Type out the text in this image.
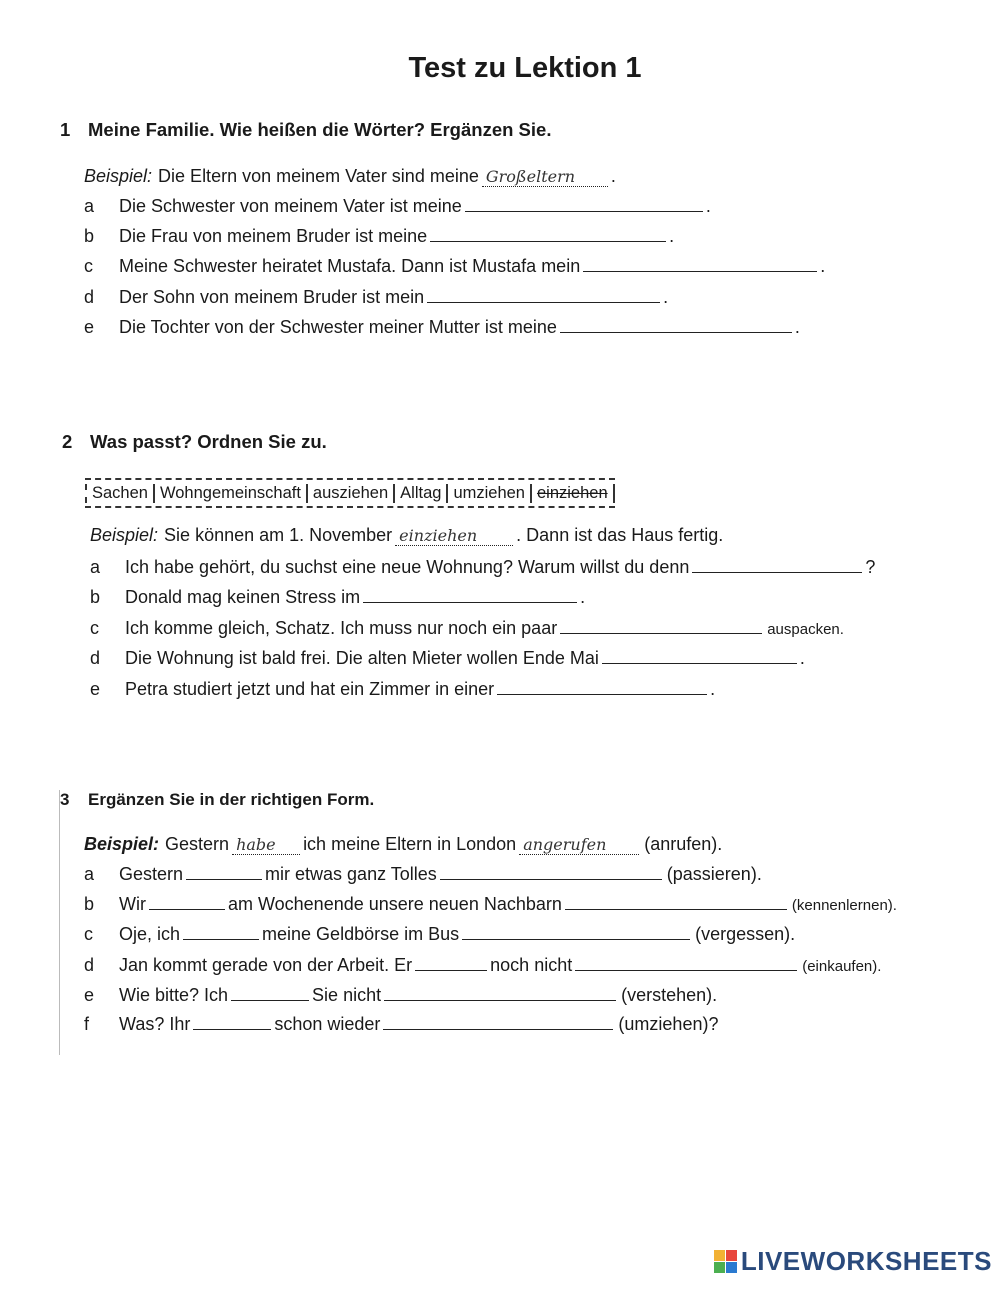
Test zu Lektion 1
1 Meine Familie. Wie heißen die Wörter? Ergänzen Sie.
Beispiel: Die Eltern von meinem Vater sind meine Großeltern	.
a	Die Schwester von meinem Vater ist meine	.
b	Die Frau von meinem Bruder ist meine	.
c	Meine Schwester heiratet Mustafa. Dann ist Mustafa mein	.
d	Der Sohn von meinem Bruder ist mein	.
e	Die Tochter von der Schwester meiner Mutter ist meine	.
2 Was passt? Ordnen Sie zu.
Sachen Wohngemeinschaft ausziehen Alltag umziehen einziehen
Beispiel: Sie können am 1. November einziehen	. Dann ist das Haus fertig.
a	Ich habe gehört, du suchst eine neue Wohnung? Warum willst du denn	?
b	Donald mag keinen Stress im	.
c	Ich komme gleich, Schatz. Ich muss nur noch ein paar	auspacken.
d	Die Wohnung ist bald frei. Die alten Mieter wollen Ende Mai	.
e	Petra studiert jetzt und hat ein Zimmer in einer	.
3 Ergänzen Sie in der richtigen Form.
Beispiel: Gestern habe	ich meine Eltern in London angerufen	(anrufen).
a	Gestern	mir etwas ganz Tolles	(passieren).
b	Wir	am Wochenende unsere neuen Nachbarn	(kennenlernen).
c	Oje, ich	meine Geldbörse im Bus	(vergessen).
d	Jan kommt gerade von der Arbeit. Er	noch nicht	(einkaufen).
e	Wie bitte? Ich	Sie nicht	(verstehen).
f	Was? Ihr	schon wieder	(umziehen)?
LIVEWORKSHEETS
